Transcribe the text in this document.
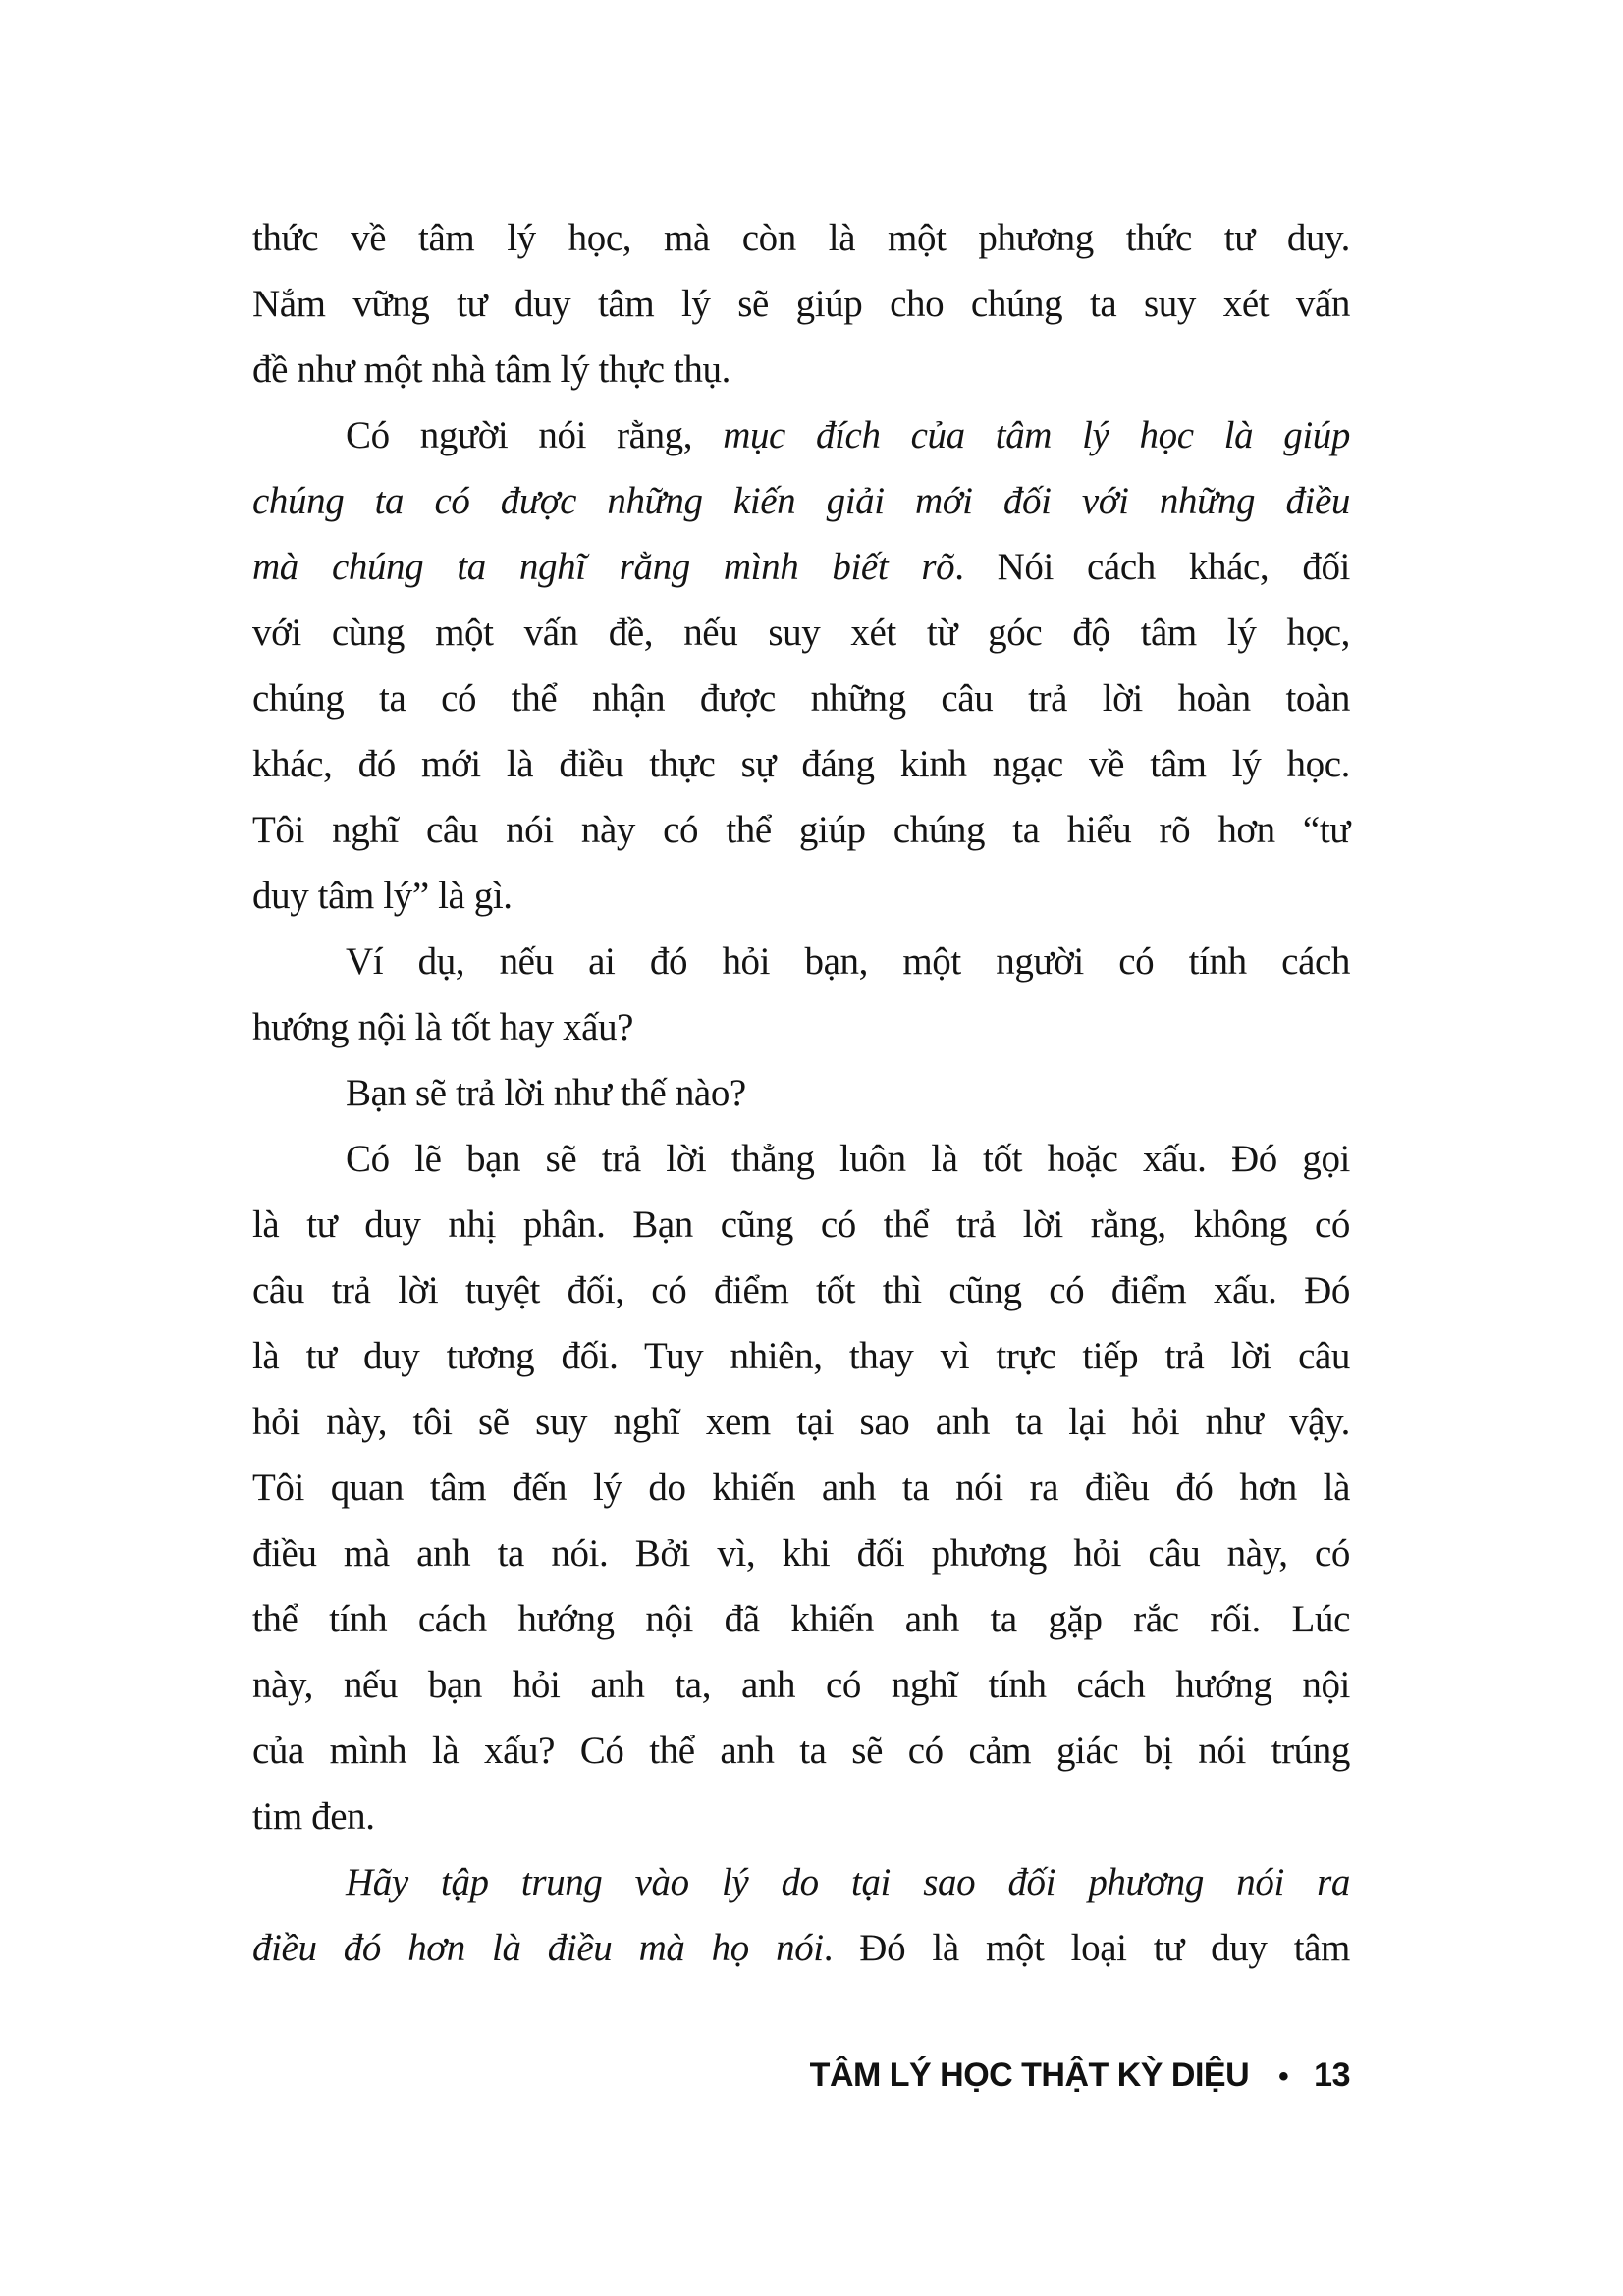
thức về tâm lý học, mà còn là một phương thức tư duy.
Nắm vững tư duy tâm lý sẽ giúp cho chúng ta suy xét vấn
đề như một nhà tâm lý thực thụ.
Có người nói rằng, mục đích của tâm lý học là giúp
chúng ta có được những kiến giải mới đối với những điều
mà chúng ta nghĩ rằng mình biết rõ. Nói cách khác, đối
với cùng một vấn đề, nếu suy xét từ góc độ tâm lý học,
chúng ta có thể nhận được những câu trả lời hoàn toàn
khác, đó mới là điều thực sự đáng kinh ngạc về tâm lý học.
Tôi nghĩ câu nói này có thể giúp chúng ta hiểu rõ hơn “tư
duy tâm lý” là gì.
Ví dụ, nếu ai đó hỏi bạn, một người có tính cách
hướng nội là tốt hay xấu?
Bạn sẽ trả lời như thế nào?
Có lẽ bạn sẽ trả lời thẳng luôn là tốt hoặc xấu. Đó gọi
là tư duy nhị phân. Bạn cũng có thể trả lời rằng, không có
câu trả lời tuyệt đối, có điểm tốt thì cũng có điểm xấu. Đó
là tư duy tương đối. Tuy nhiên, thay vì trực tiếp trả lời câu
hỏi này, tôi sẽ suy nghĩ xem tại sao anh ta lại hỏi như vậy.
Tôi quan tâm đến lý do khiến anh ta nói ra điều đó hơn là
điều mà anh ta nói. Bởi vì, khi đối phương hỏi câu này, có
thể tính cách hướng nội đã khiến anh ta gặp rắc rối. Lúc
này, nếu bạn hỏi anh ta, anh có nghĩ tính cách hướng nội
của mình là xấu? Có thể anh ta sẽ có cảm giác bị nói trúng
tim đen.
Hãy tập trung vào lý do tại sao đối phương nói ra
điều đó hơn là điều mà họ nói. Đó là một loại tư duy tâm
TÂM LÝ HỌC THẬT KỲ DIỆU • 13
